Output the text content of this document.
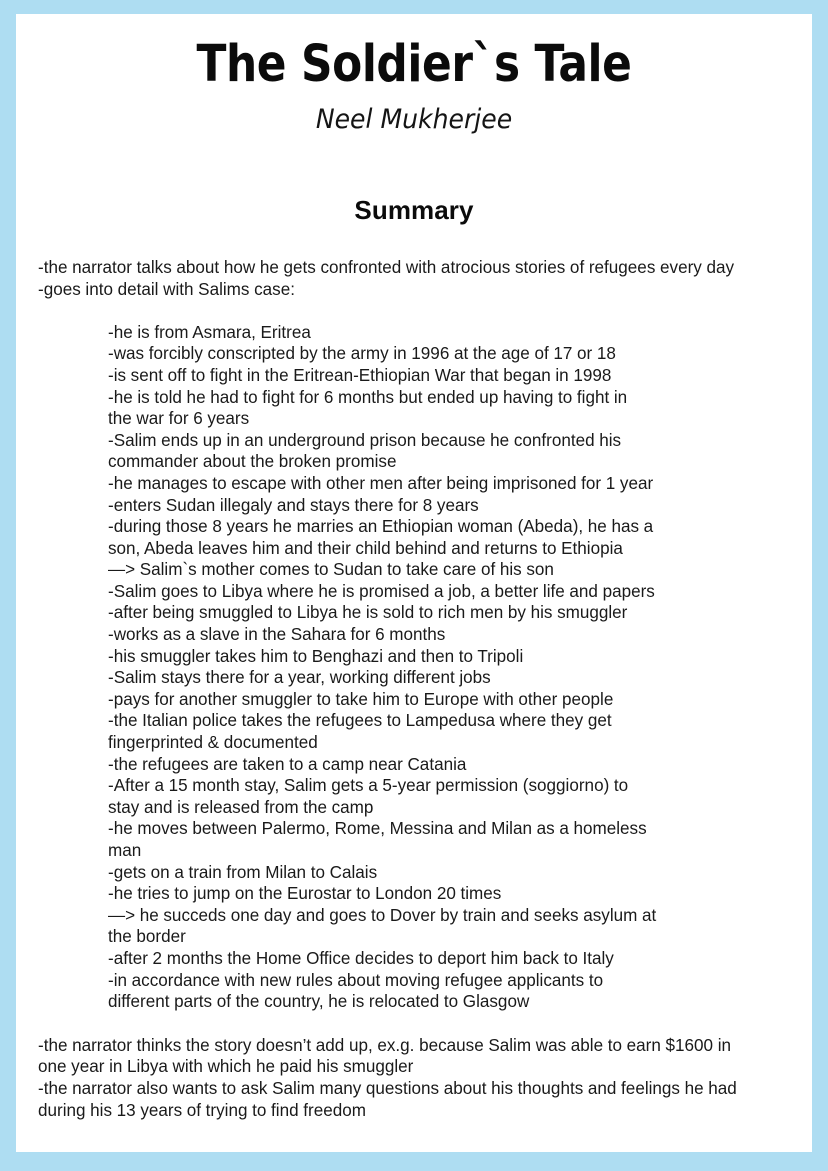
The Soldier`s Tale

Neel Mukherjee

Summary
-the narrator talks about how he gets confronted with atrocious stories of refugees every day
-goes into detail with Salims case:
-he is from Asmara, Eritrea
-was forcibly conscripted by the army in 1996 at the age of 17 or 18
-is sent off to fight in the Eritrean-Ethiopian War that began in 1998
-he is told he had to fight for 6 months but ended up having to fight in
the war for 6 years
-Salim ends up in an underground prison because he confronted his
commander about the broken promise
-he manages to escape with other men after being imprisoned for 1 year
-enters Sudan illegaly and stays there for 8 years
-during those 8 years he marries an Ethiopian woman (Abeda), he has a
son, Abeda leaves him and their child behind and returns to Ethiopia
—> Salim`s mother comes to Sudan to take care of his son
-Salim goes to Libya where he is promised a job, a better life and papers
-after being smuggled to Libya he is sold to rich men by his smuggler
-works as a slave in the Sahara for 6 months
-his smuggler takes him to Benghazi and then to Tripoli
-Salim stays there for a year, working different jobs
-pays for another smuggler to take him to Europe with other people
-the Italian police takes the refugees to Lampedusa where they get
fingerprinted & documented
-the refugees are taken to a camp near Catania
-After a 15 month stay, Salim gets a 5-year permission (soggiorno) to
stay and is released from the camp
-he moves between Palermo, Rome, Messina and Milan as a homeless
man
-gets on a train from Milan to Calais
-he tries to jump on the Eurostar to London 20 times
—> he succeds one day and goes to Dover by train and seeks asylum at
the border
-after 2 months the Home Office decides to deport him back to Italy
-in accordance with new rules about moving refugee applicants to
different parts of the country, he is relocated to Glasgow
-the narrator thinks the story doesn’t add up, ex.g. because Salim was able to earn $1600 in
one year in Libya with which he paid his smuggler
-the narrator also wants to ask Salim many questions about his thoughts and feelings he had
during his 13 years of trying to find freedom
